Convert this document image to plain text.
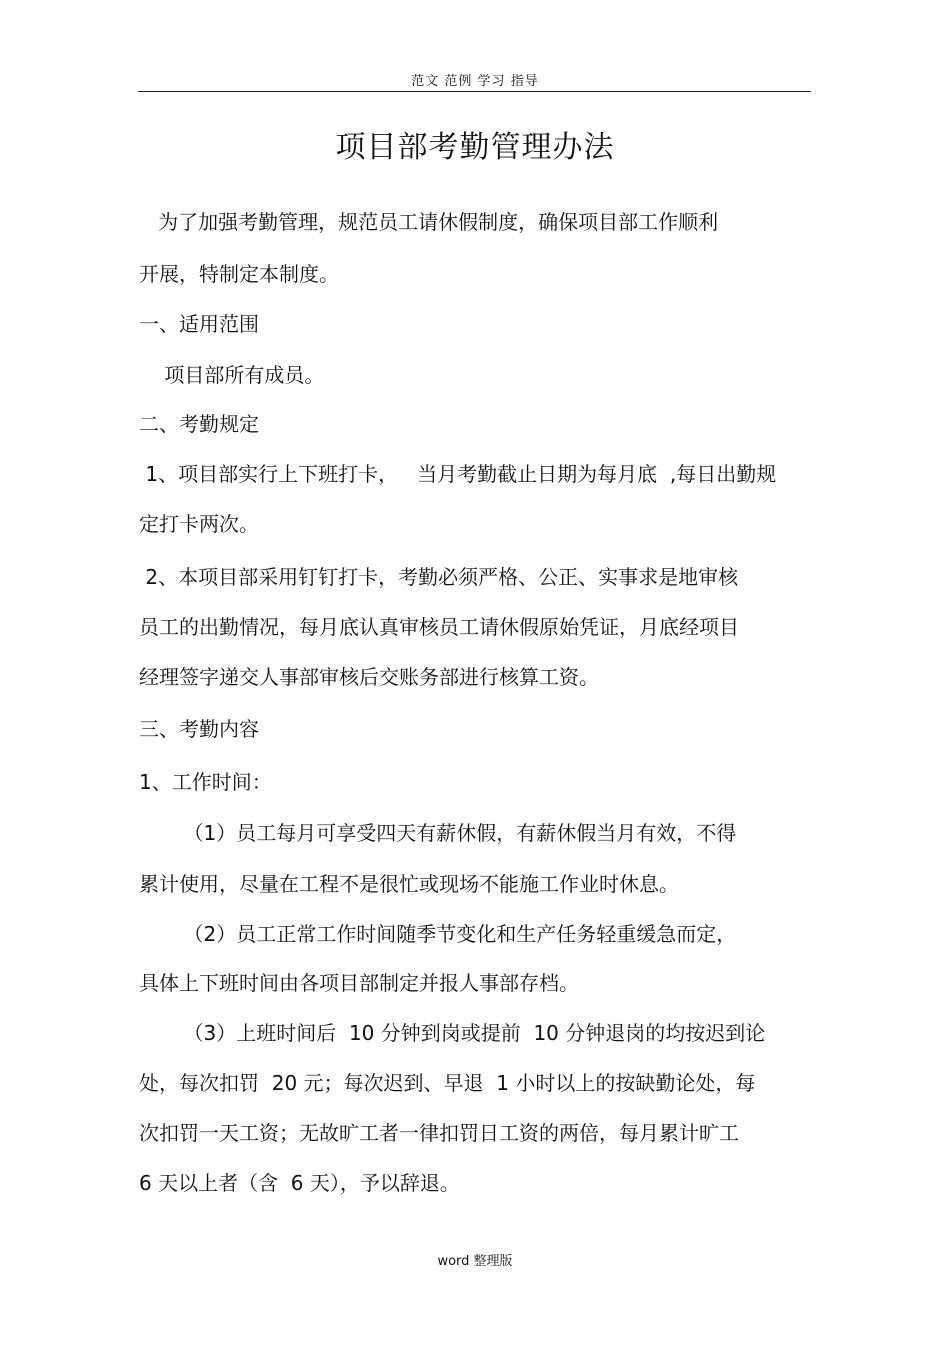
范文 范例 学习 指导
项目部考勤管理办法
为了加强考勤管理，规范员工请休假制度，确保项目部工作顺利
开展，特制定本制度。
一、适用范围
项目部所有成员。
二、考勤规定
1、项目部实行上下班打卡，   当月考勤截止日期为每月底  ,每日出勤规
定打卡两次。
2、本项目部采用钉钉打卡，考勤必须严格、公正、实事求是地审核
员工的出勤情况，每月底认真审核员工请休假原始凭证，月底经项目
经理签字递交人事部审核后交账务部进行核算工资。
三、考勤内容
1、工作时间：
（1）员工每月可享受四天有薪休假，有薪休假当月有效，不得
累计使用，尽量在工程不是很忙或现场不能施工作业时休息。
（2）员工正常工作时间随季节变化和生产任务轻重缓急而定，
具体上下班时间由各项目部制定并报人事部存档。
（3）上班时间后  10 分钟到岗或提前  10 分钟退岗的均按迟到论
处，每次扣罚  20 元；每次迟到、早退  1 小时以上的按缺勤论处，每
次扣罚一天工资；无故旷工者一律扣罚日工资的两倍，每月累计旷工
6 天以上者（含  6 天），予以辞退。
word 整理版
